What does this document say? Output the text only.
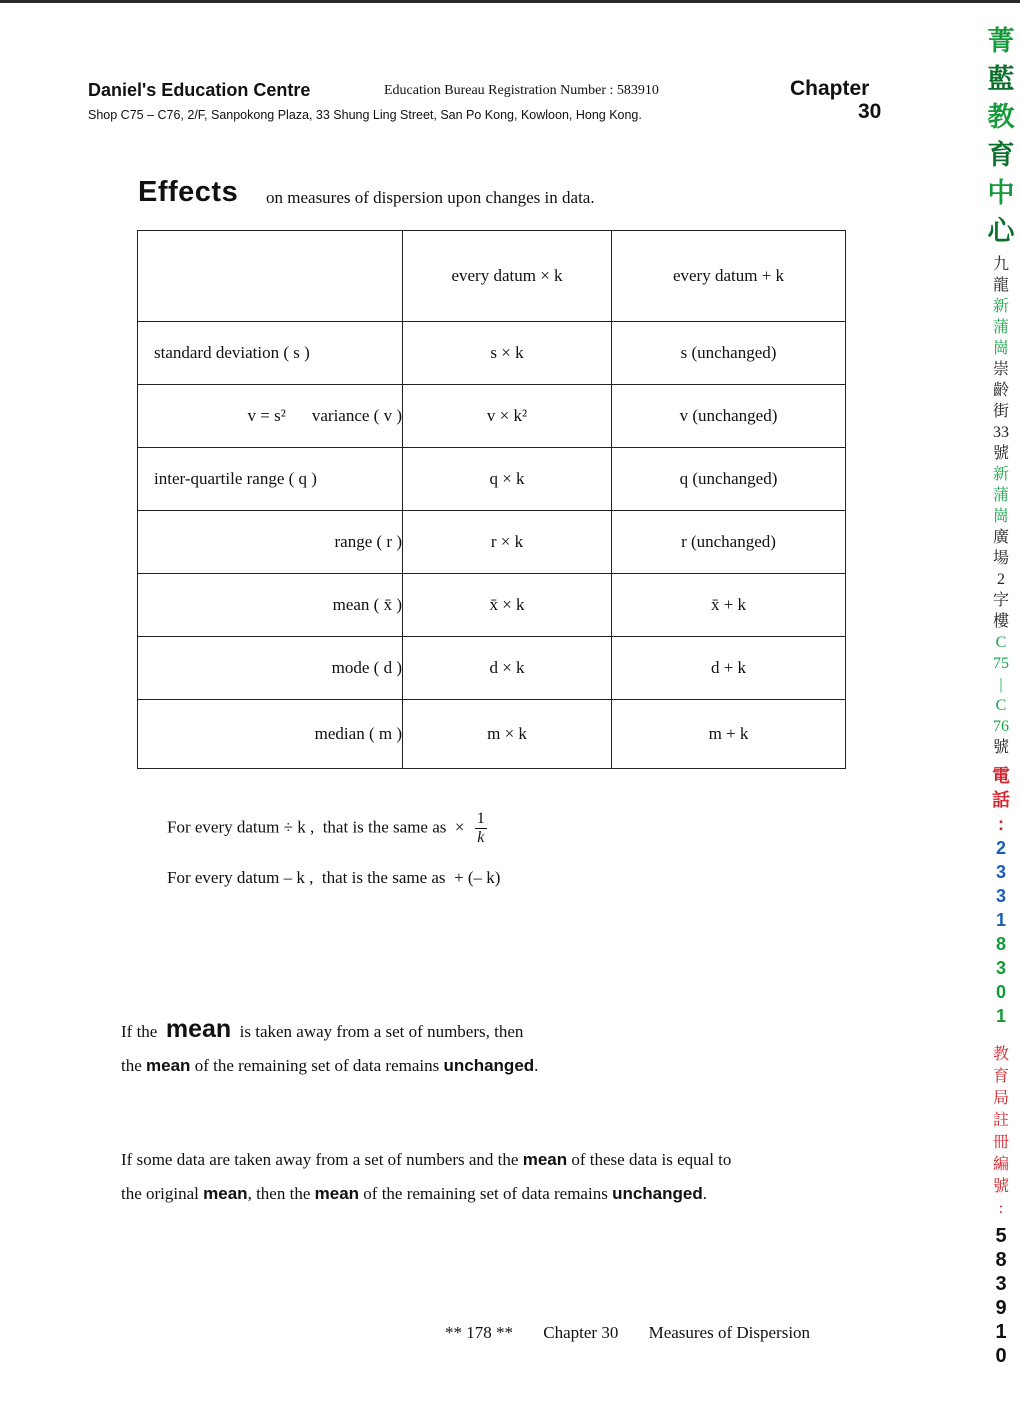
Daniel's Education Centre	Education Bureau Registration Number : 583910
Shop C75 – C76, 2/F, Sanpokong Plaza, 33 Shung Ling Street, San Po Kong, Kowloon, Hong Kong.
Chapter
30
Effects on measures of dispersion upon changes in data.
	every datum × k	every datum + k
standard deviation ( s )	s × k	s (unchanged)
v = s² variance ( v )	v × k²	v (unchanged)
inter-quartile range ( q )	q × k	q (unchanged)
range ( r )	r × k	r (unchanged)
mean ( x̄ )	x̄ × k	x̄ + k
mode ( d )	d × k	d + k
median ( m )	m × k	m + k
For every datum ÷ k , that is the same as × $\frac{1}{k}$
For every datum – k , that is the same as + (– k)
If the mean is taken away from a set of numbers, then
the mean of the remaining set of data remains unchanged.
If some data are taken away from a set of numbers and the mean of these data is equal to
the original mean, then the mean of the remaining set of data remains unchanged.
** 178 ** Chapter 30 Measures of Dispersion
菁
藍
教
育
中
心
九
龍
新
蒲
崗
崇
齡
街
33
號
新
蒲
崗
廣
場
2
字
樓
C
75
|
C
76
號
電
話
:
2
3
3
1
8
3
0
1
教
育
局
註
冊
編
號
:
5
8
3
9
1
0
